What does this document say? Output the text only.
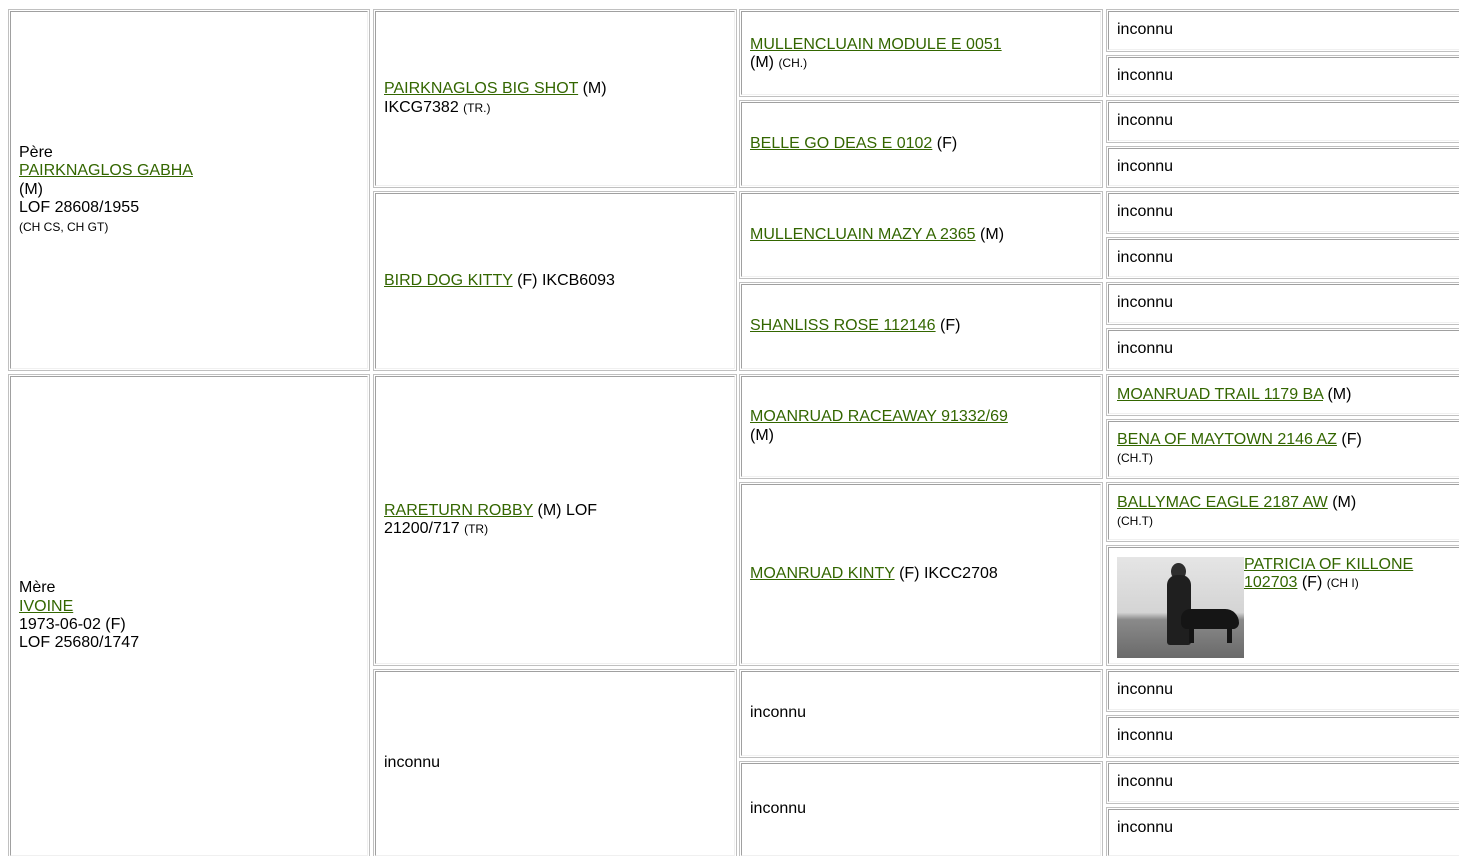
Père
PAIRKNAGLOS GABHA
(M)
LOF 28608/1955
(CH CS, CH GT)
Mère
IVOINE
1973-06-02 (F)
LOF 25680/1747
PAIRKNAGLOS BIG SHOT (M)
IKCG7382 (TR.)
BIRD DOG KITTY (F) IKCB6093
RARETURN ROBBY (M) LOF 21200/717 (TR)
inconnu
MULLENCLUAIN MODULE E 0051
(M) (CH.)
BELLE GO DEAS E 0102 (F)
MULLENCLUAIN MAZY A 2365 (M)
SHANLISS ROSE 112146 (F)
MOANRUAD RACEAWAY 91332/69
(M)
MOANRUAD KINTY (F) IKCC2708
inconnu
inconnu
inconnu
inconnu
inconnu
inconnu
inconnu
inconnu
inconnu
inconnu
MOANRUAD TRAIL 1179 BA (M)
BENA OF MAYTOWN 2146 AZ (F)
(CH.T)
BALLYMAC EAGLE 2187 AW (M)
(CH.T)
PATRICIA OF KILLONE
102703 (F) (CH I)
inconnu
inconnu
inconnu
inconnu
